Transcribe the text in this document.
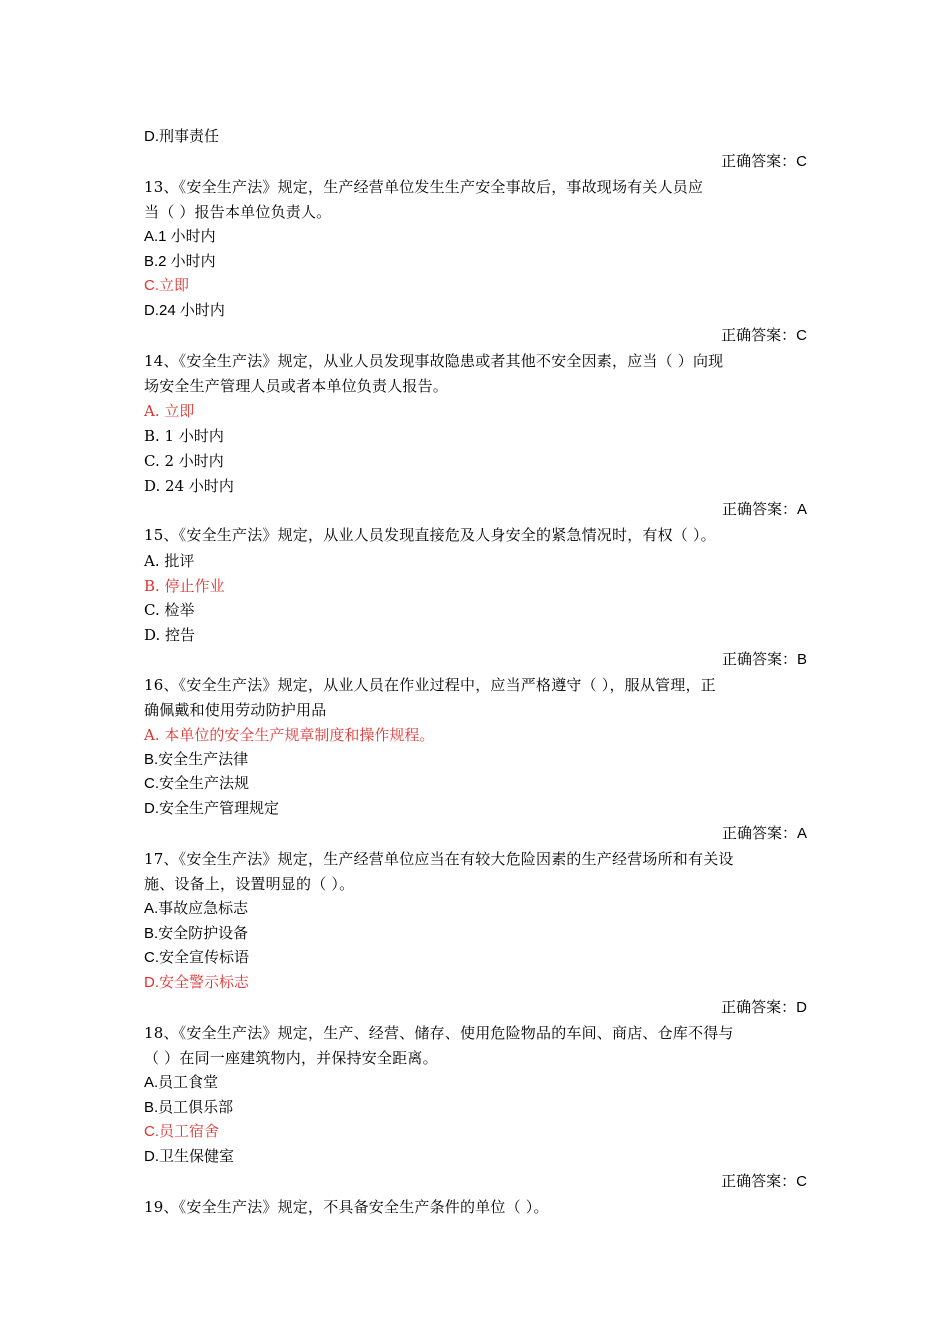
D.刑事责任

正确答案：C

13、《安全生产法》规定，生产经营单位发生生产安全事故后，事故现场有关人员应

当（ ）报告本单位负责人。

A.1 小时内

B.2 小时内

C.立即

D.24 小时内

正确答案：C

14、《安全生产法》规定，从业人员发现事故隐患或者其他不安全因素，应当（ ）向现

场安全生产管理人员或者本单位负责人报告。

A. 立即

B. 1 小时内

C. 2 小时内

D. 24 小时内

正确答案：A

15、《安全生产法》规定，从业人员发现直接危及人身安全的紧急情况时，有权（ ）。

A. 批评

B. 停止作业

C. 检举

D. 控告

正确答案：B

16、《安全生产法》规定，从业人员在作业过程中，应当严格遵守（ ），服从管理，正

确佩戴和使用劳动防护用品

A. 本单位的安全生产规章制度和操作规程。

B.安全生产法律

C.安全生产法规

D.安全生产管理规定

正确答案：A

17、《安全生产法》规定，生产经营单位应当在有较大危险因素的生产经营场所和有关设

施、设备上，设置明显的（ ）。

A.事故应急标志

B.安全防护设备

C.安全宣传标语

D.安全警示标志

正确答案：D

18、《安全生产法》规定，生产、经营、储存、使用危险物品的车间、商店、仓库不得与

（ ）在同一座建筑物内，并保持安全距离。

A.员工食堂

B.员工俱乐部

C.员工宿舍

D.卫生保健室

正确答案：C

19、《安全生产法》规定，不具备安全生产条件的单位（ ）。
